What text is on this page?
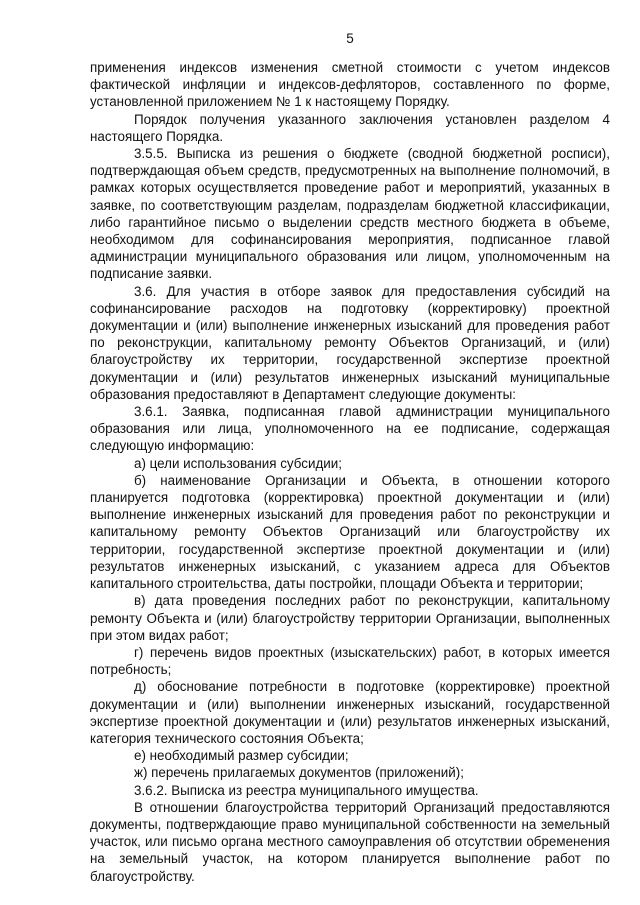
5

применения индексов изменения сметной стоимости с учетом индексов фактической инфляции и индексов-дефляторов, составленного по форме, установленной приложением № 1 к настоящему Порядку.

Порядок получения указанного заключения установлен разделом 4 настоящего Порядка.

3.5.5. Выписка из решения о бюджете (сводной бюджетной росписи), подтверждающая объем средств, предусмотренных на выполнение полномочий, в рамках которых осуществляется проведение работ и мероприятий, указанных в заявке, по соответствующим разделам, подразделам бюджетной классификации, либо гарантийное письмо о выделении средств местного бюджета в объеме, необходимом для софинансирования мероприятия, подписанное главой администрации муниципального образования или лицом, уполномоченным на подписание заявки.

3.6. Для участия в отборе заявок для предоставления субсидий на софинансирование расходов на подготовку (корректировку) проектной документации и (или) выполнение инженерных изысканий для проведения работ по реконструкции, капитальному ремонту Объектов Организаций, и (или) благоустройству их территории, государственной экспертизе проектной документации и (или) результатов инженерных изысканий муниципальные образования предоставляют в Департамент следующие документы:

3.6.1. Заявка, подписанная главой администрации муниципального образования или лица, уполномоченного на ее подписание, содержащая следующую информацию:

а) цели использования субсидии;

б) наименование Организации и Объекта, в отношении которого планируется подготовка (корректировка) проектной документации и (или) выполнение инженерных изысканий для проведения работ по реконструкции и капитальному ремонту Объектов Организаций или благоустройству их территории, государственной экспертизе проектной документации и (или) результатов инженерных изысканий, с указанием адреса для Объектов капитального строительства, даты постройки, площади Объекта и территории;

в) дата проведения последних работ по реконструкции, капитальному ремонту Объекта и (или) благоустройству территории Организации, выполненных при этом видах работ;

г) перечень видов проектных (изыскательских) работ, в которых имеется потребность;

д) обоснование потребности в подготовке (корректировке) проектной документации и (или) выполнении инженерных изысканий, государственной экспертизе проектной документации и (или) результатов инженерных изысканий, категория технического состояния Объекта;

е) необходимый размер субсидии;

ж) перечень прилагаемых документов (приложений);

3.6.2. Выписка из реестра муниципального имущества.

В отношении благоустройства территорий Организаций предоставляются документы, подтверждающие право муниципальной собственности на земельный участок, или письмо органа местного самоуправления об отсутствии обременения на земельный участок, на котором планируется выполнение работ по благоустройству.
